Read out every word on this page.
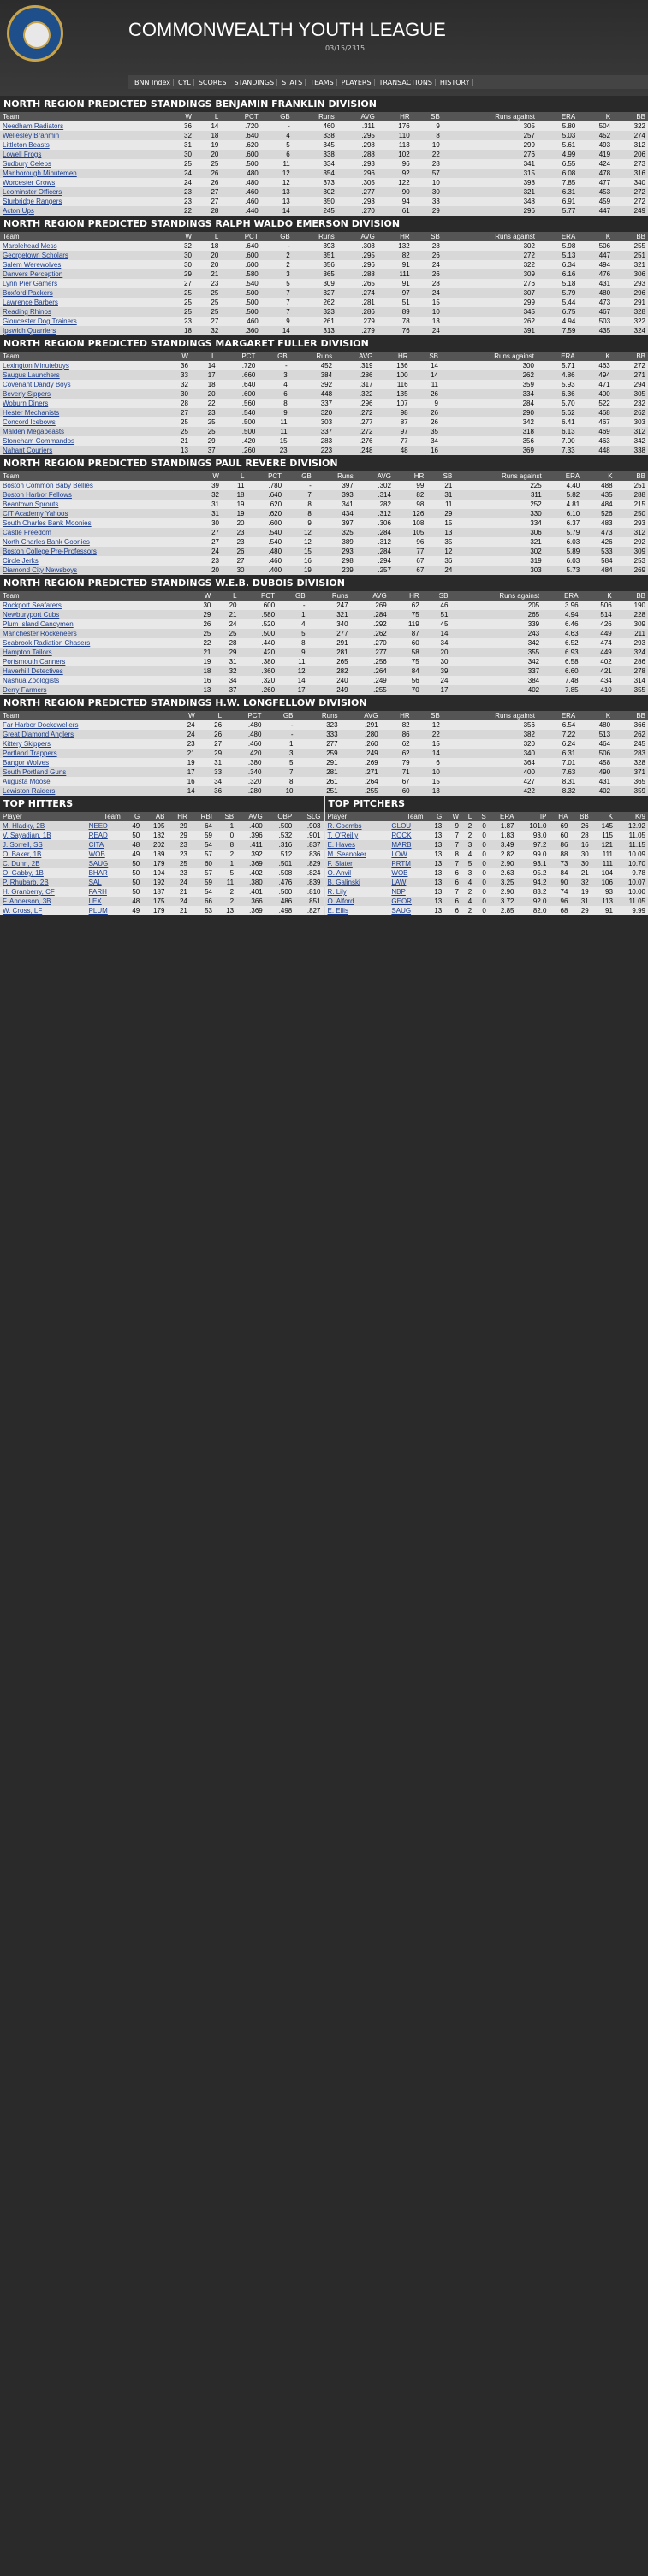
COMMONWEALTH YOUTH LEAGUE
03/15/2315
BNN Index	CYL	SCORES	STANDINGS	STATS	TEAMS	PLAYERS	TRANSACTIONS	HISTORY
NORTH REGION PREDICTED STANDINGS BENJAMIN FRANKLIN DIVISION
Team	W	L	PCT	GB	Runs	AVG	HR	SB	Runs against	ERA	K	BB
Needham Radiators	36	14	.720	-	460	.311	176	9	305	5.80	504	322
Wellesley Brahmin	32	18	.640	4	338	.295	110	8	257	5.03	452	274
Littleton Beasts	31	19	.620	5	345	.298	113	19	299	5.61	493	312
Lowell Frogs	30	20	.600	6	338	.288	102	22	276	4.99	419	206
Sudbury Celebs	25	25	.500	11	334	.293	96	28	341	6.55	424	273
Marlborough Minutemen	24	26	.480	12	354	.296	92	57	315	6.08	478	316
Worcester Crows	24	26	.480	12	373	.305	122	10	398	7.85	477	340
Leominster Officers	23	27	.460	13	302	.277	90	30	321	6.31	453	272
Sturbridge Rangers	23	27	.460	13	350	.293	94	33	348	6.91	459	272
Acton Ups	22	28	.440	14	245	.270	61	29	296	5.77	447	249
NORTH REGION PREDICTED STANDINGS RALPH WALDO EMERSON DIVISION
Team	W	L	PCT	GB	Runs	AVG	HR	SB	Runs against	ERA	K	BB
Marblehead Mess	32	18	.640	-	393	.303	132	28	302	5.98	506	255
Georgetown Scholars	30	20	.600	2	351	.295	82	26	272	5.13	447	251
Salem Werewolves	30	20	.600	2	356	.296	91	24	322	6.34	494	321
Danvers Perception	29	21	.580	3	365	.288	111	26	309	6.16	476	306
Lynn Pier Gamers	27	23	.540	5	309	.265	91	28	276	5.18	431	293
Boxford Packers	25	25	.500	7	327	.274	97	24	307	5.79	480	296
Lawrence Barbers	25	25	.500	7	262	.281	51	15	299	5.44	473	291
Reading Rhinos	25	25	.500	7	323	.286	89	10	345	6.75	467	328
Gloucester Dog Trainers	23	27	.460	9	261	.279	78	13	262	4.94	503	322
Ipswich Quarriers	18	32	.360	14	313	.279	76	24	391	7.59	435	324
NORTH REGION PREDICTED STANDINGS MARGARET FULLER DIVISION
Team	W	L	PCT	GB	Runs	AVG	HR	SB	Runs against	ERA	K	BB
Lexington Minutebuys	36	14	.720	-	452	.319	136	14	300	5.71	463	272
Saugus Launchers	33	17	.660	3	384	.286	100	14	262	4.86	494	271
Covenant Dandy Boys	32	18	.640	4	392	.317	116	11	359	5.93	471	294
Beverly Sippers	30	20	.600	6	448	.322	135	26	334	6.36	400	305
Woburn Diners	28	22	.560	8	337	.296	107	9	284	5.70	522	232
Hester Mechanists	27	23	.540	9	320	.272	98	26	290	5.62	468	262
Concord Icebows	25	25	.500	11	303	.277	87	26	342	6.41	467	303
Malden Megabeasts	25	25	.500	11	337	.272	97	35	318	6.13	469	312
Stoneham Commandos	21	29	.420	15	283	.276	77	34	356	7.00	463	342
Nahant Couriers	13	37	.260	23	223	.248	48	16	369	7.33	448	338
NORTH REGION PREDICTED STANDINGS PAUL REVERE DIVISION
Team	W	L	PCT	GB	Runs	AVG	HR	SB	Runs against	ERA	K	BB
Boston Common Baby Bellies	39	11	.780	-	397	.302	99	21	225	4.40	488	251
Boston Harbor Fellows	32	18	.640	7	393	.314	82	31	311	5.82	435	288
Beantown Sprouts	31	19	.620	8	341	.282	98	11	252	4.81	484	215
CIT Academy Yahoos	31	19	.620	8	434	.312	126	29	330	6.10	526	250
South Charles Bank Moonies	30	20	.600	9	397	.306	108	15	334	6.37	483	293
Castle Freedom	27	23	.540	12	325	.284	105	13	306	5.79	473	312
North Charles Bank Goonies	27	23	.540	12	389	.312	96	35	321	6.03	426	292
Boston College Pre-Professors	24	26	.480	15	293	.284	77	12	302	5.89	533	309
Circle Jerks	23	27	.460	16	298	.294	67	36	319	6.03	584	253
Diamond City Newsboys	20	30	.400	19	239	.257	67	24	303	5.73	484	269
NORTH REGION PREDICTED STANDINGS W.E.B. DUBOIS DIVISION
Team	W	L	PCT	GB	Runs	AVG	HR	SB	Runs against	ERA	K	BB
Rockport Seafarers	30	20	.600	-	247	.269	62	46	205	3.96	506	190
Newburyport Cubs	29	21	.580	1	321	.284	75	51	265	4.94	514	228
Plum Island Candymen	26	24	.520	4	340	.292	119	45	339	6.46	426	309
Manchester Rockeneers	25	25	.500	5	277	.262	87	14	243	4.63	449	211
Seabrook Radiation Chasers	22	28	.440	8	291	.270	60	34	342	6.52	474	293
Hampton Tailors	21	29	.420	9	281	.277	58	20	355	6.93	449	324
Portsmouth Canners	19	31	.380	11	265	.256	75	30	342	6.58	402	286
Haverhill Detectives	18	32	.360	12	282	.264	84	39	337	6.60	421	278
Nashua Zoologists	16	34	.320	14	240	.249	56	24	384	7.48	434	314
Derry Farmers	13	37	.260	17	249	.255	70	17	402	7.85	410	355
NORTH REGION PREDICTED STANDINGS H.W. LONGFELLOW DIVISION
Team	W	L	PCT	GB	Runs	AVG	HR	SB	Runs against	ERA	K	BB
Far Harbor Dockdwellers	24	26	.480	-	323	.291	82	12	356	6.54	480	366
Great Diamond Anglers	24	26	.480	-	333	.280	86	22	382	7.22	513	262
Kittery Skippers	23	27	.460	1	277	.260	62	15	320	6.24	464	245
Portland Trappers	21	29	.420	3	259	.249	62	14	340	6.31	506	283
Bangor Wolves	19	31	.380	5	291	.269	79	6	364	7.01	458	328
South Portland Guns	17	33	.340	7	281	.271	71	10	400	7.63	490	371
Augusta Moose	16	34	.320	8	261	.264	67	15	427	8.31	431	365
Lewiston Raiders	14	36	.280	10	251	.255	60	13	422	8.32	402	359
TOP HITTERS
Player	Team	G	AB	HR	RBI	SB	AVG	OBP	SLG
M. Hladky, 2B	NEED	49	195	29	64	1	.400	.500	.903
V. Sayadian, 1B	READ	50	182	29	59	0	.396	.532	.901
J. Sorrell, SS	CITA	48	202	23	54	8	.411	.316	.837
O. Baker, 1B	WOB	49	189	23	57	2	.392	.512	.836
C. Dunn, 2B	SAUG	50	179	25	60	1	.369	.501	.829
O. Gabby, 1B	BHAR	50	194	23	57	5	.402	.508	.824
P. Rhubarb, 2B	SAL	50	192	24	59	11	.380	.476	.839
H. Granberry, CF	FARH	50	187	21	54	2	.401	.500	.810
F. Anderson, 3B	LEX	48	175	24	66	2	.366	.486	.851
W. Cross, LF	PLUM	49	179	21	53	13	.369	.498	.827
TOP PITCHERS
Player	Team	G	W	L	S	ERA	IP	HA	BB	K	K/9
R. Coombs	GLOU	13	9	2	0	1.87	101.0	69	26	145	12.92
T. O'Reilly	ROCK	13	7	2	0	1.83	93.0	60	28	115	11.05
E. Haves	MARB	13	7	3	0	3.49	97.2	86	16	121	11.15
M. Seanoker	LOW	13	8	4	0	2.82	99.0	88	30	111	10.09
F. Slater	PRTM	13	7	5	0	2.90	93.1	73	30	111	10.70
O. Anvil	WOB	13	6	3	0	2.63	95.2	84	21	104	9.78
B. Galinski	LAW	13	6	4	0	3.25	94.2	90	32	106	10.07
R. Lily	NBP	13	7	2	0	2.90	83.2	74	19	93	10.00
O. Alford	GEOR	13	6	4	0	3.72	92.0	96	31	113	11.05
E. Ellis	SAUG	13	6	2	0	2.85	82.0	68	29	91	9.99
